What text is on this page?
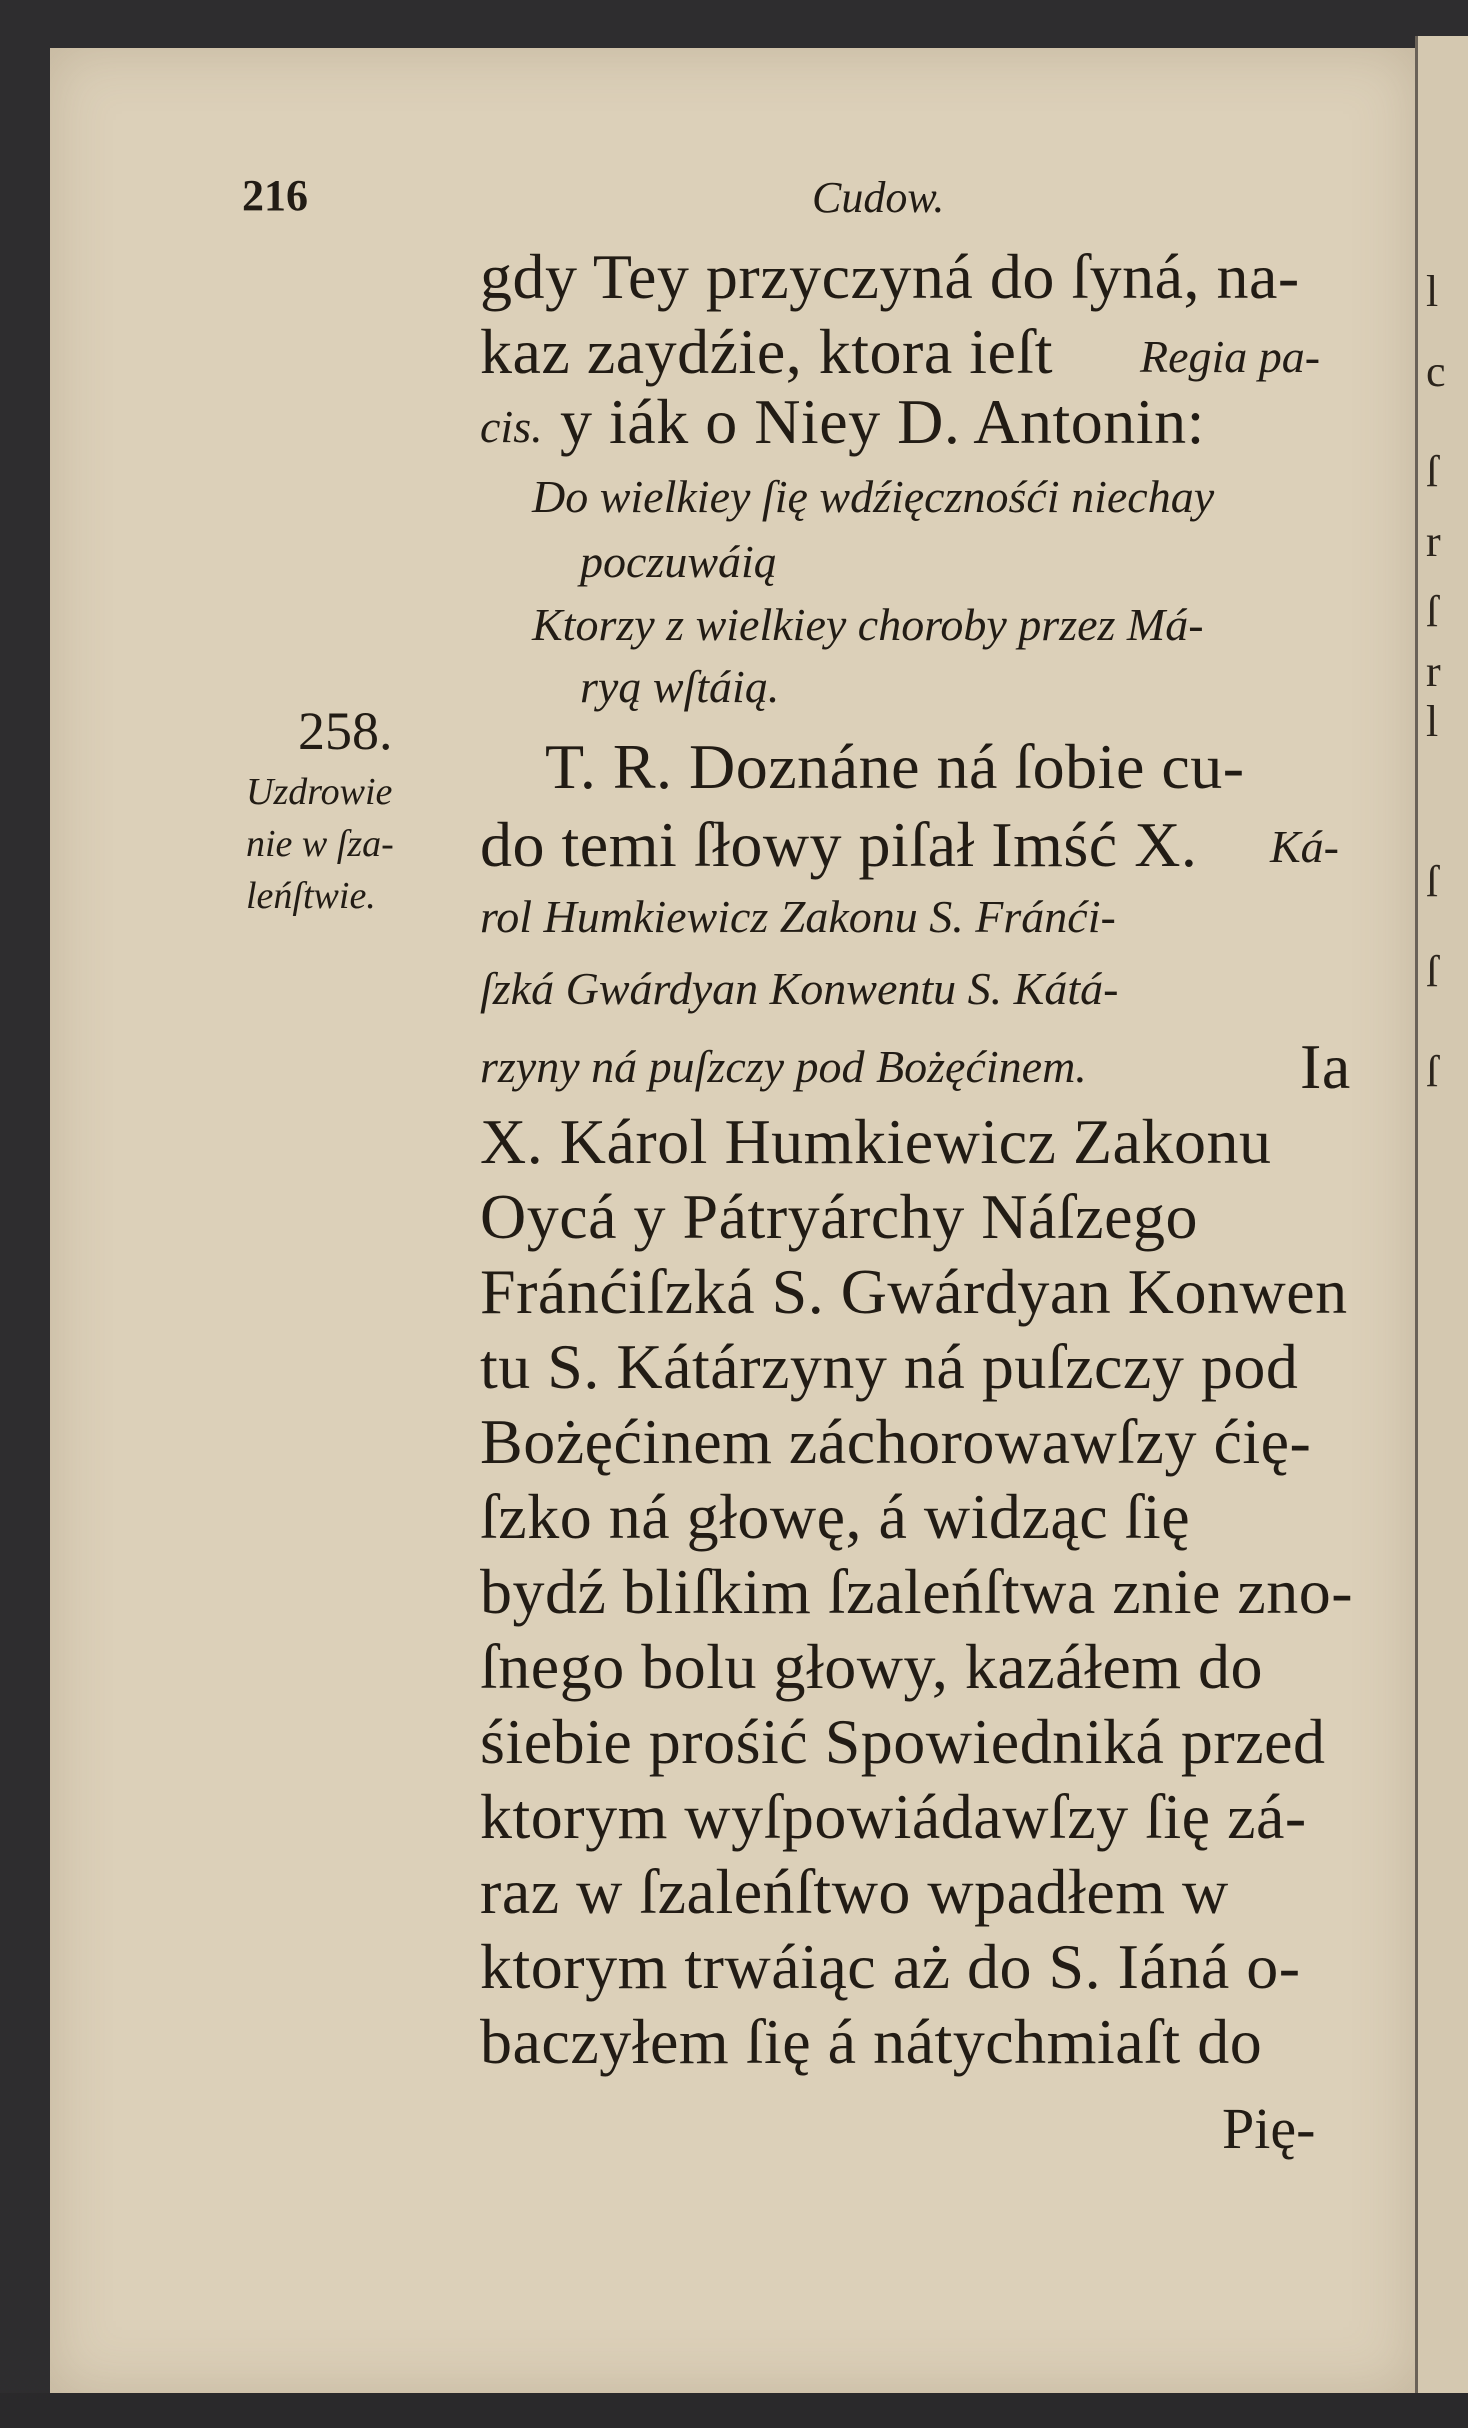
l
c
ſ
r
ſ
r
l
ſ
ſ
ſ
216	Cudow.
gdy Tey przyczyná do ſyná, na-
kaz zaydźie, ktora ieſt Regia pa-
cis. y iák o Niey D. Antonin:
Do wielkiey ſię wdźięcznośći niechay
poczuwáią
Ktorzy z wielkiey choroby przez Má-
ryą wſtáią.
258.
Uzdrowie
nie w ſza-
leńſtwie.
T. R. Doznáne ná ſobie cu-
do temi ſłowy piſał Imść X. Ká-
rol Humkiewicz Zakonu S. Fránći-
ſzká Gwárdyan Konwentu S. Kátá-
rzyny ná puſzczy pod Bożęćinem.	Ia
X. Károl Humkiewicz Zakonu
Oycá y Pátryárchy Náſzego
Fránćiſzká S. Gwárdyan Konwen
tu S. Kátárzyny ná puſzczy pod
Bożęćinem záchorowawſzy ćię-
ſzko ná głowę, á widząc ſię
bydź bliſkim ſzaleńſtwa znie zno-
ſnego bolu głowy, kazáłem do
śiebie prośić Spowiedniká przed
ktorym wyſpowiádawſzy ſię zá-
raz w ſzaleńſtwo wpadłem w
ktorym trwáiąc aż do S. Iáná o-
baczyłem ſię á nátychmiaſt do
Pię-
